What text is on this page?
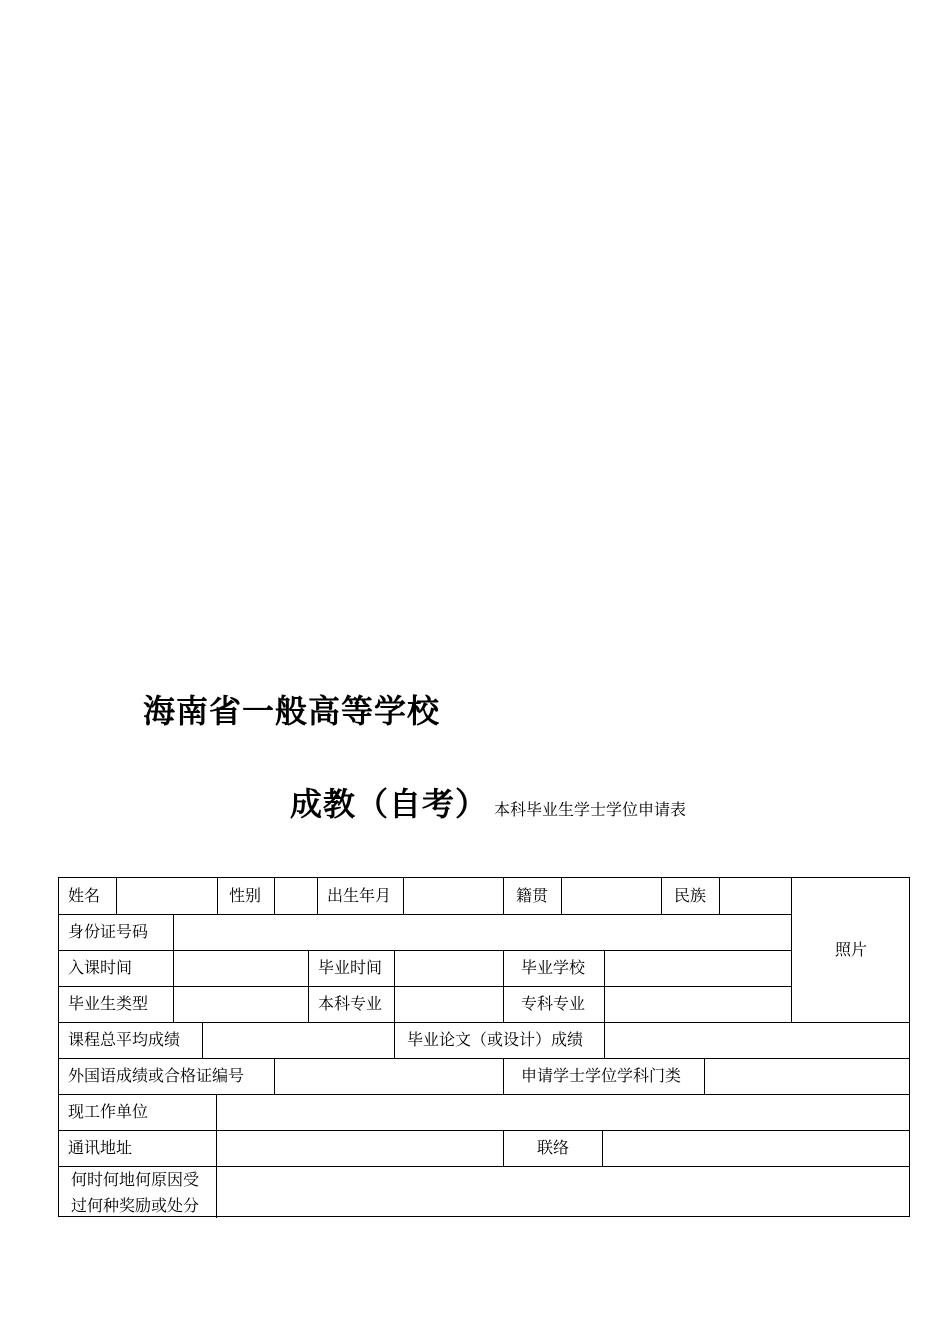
海南省一般高等学校
成教（自考） 本科毕业生学士学位申请表
姓名	性别	出生年月	籍贯	民族
照片
身份证号码
入课时间	毕业时间	毕业学校
毕业生类型	本科专业	专科专业
课程总平均成绩	毕业论文（或设计）成绩
外国语成绩或合格证编号	申请学士学位学科门类
现工作单位
通讯地址	联络
何时何地何原因受
过何种奖励或处分
